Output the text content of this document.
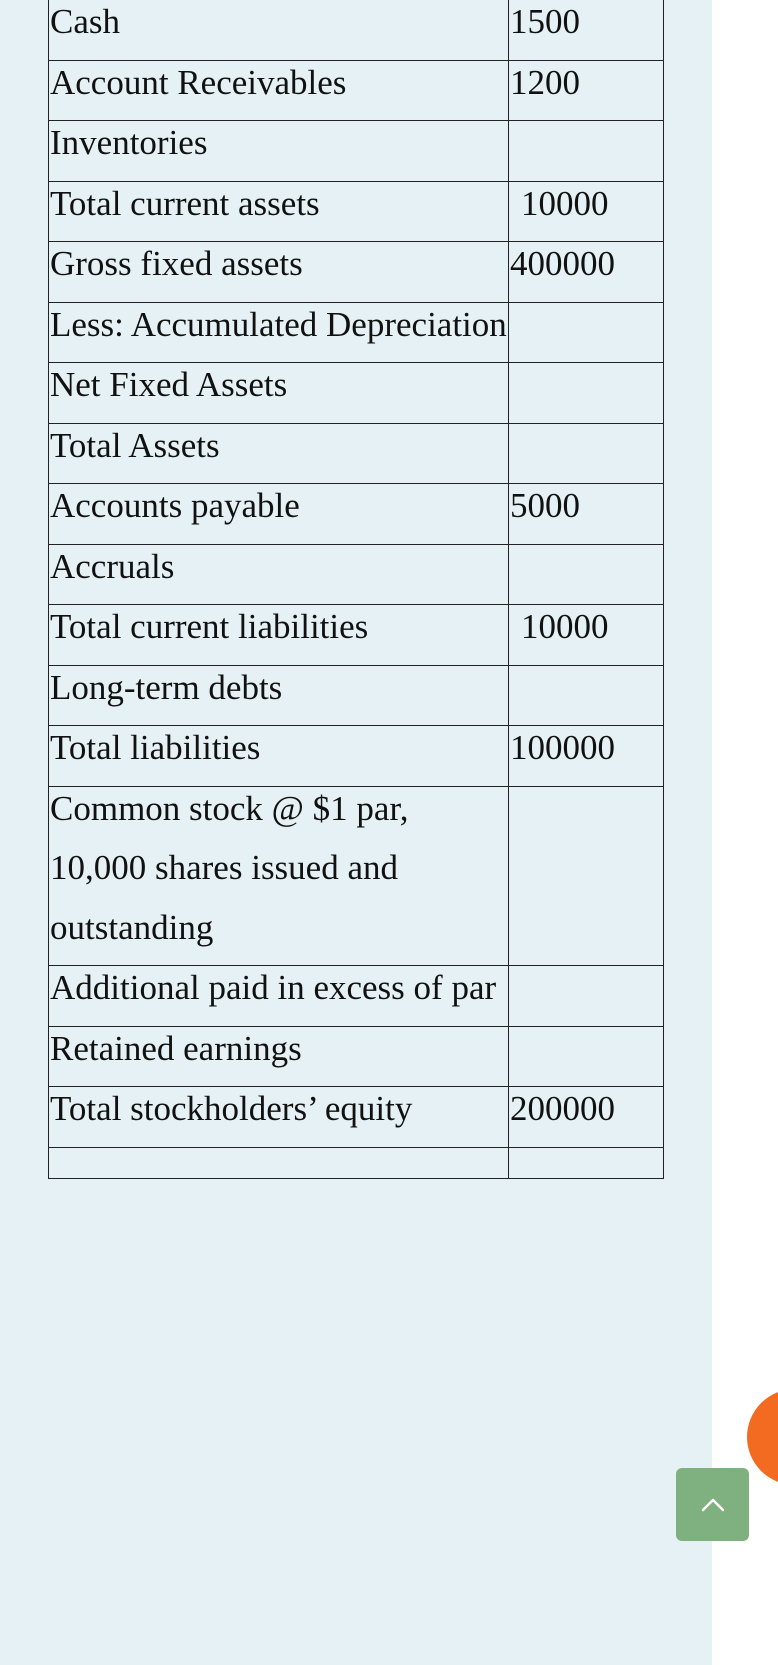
Cash	1500

Account Receivables	1200

Inventories	

Total current assets	10000

Gross fixed assets	400000

Less: Accumulated Depreciation	

Net Fixed Assets	

Total Assets	

Accounts payable	5000

Accruals	

Total current liabilities	10000

Long-term debts	

Total liabilities	100000

Common stock @ $1 par, 10,000 shares issued and outstanding	

Additional paid in excess of par	

Retained earnings	

Total stockholders’ equity	200000
